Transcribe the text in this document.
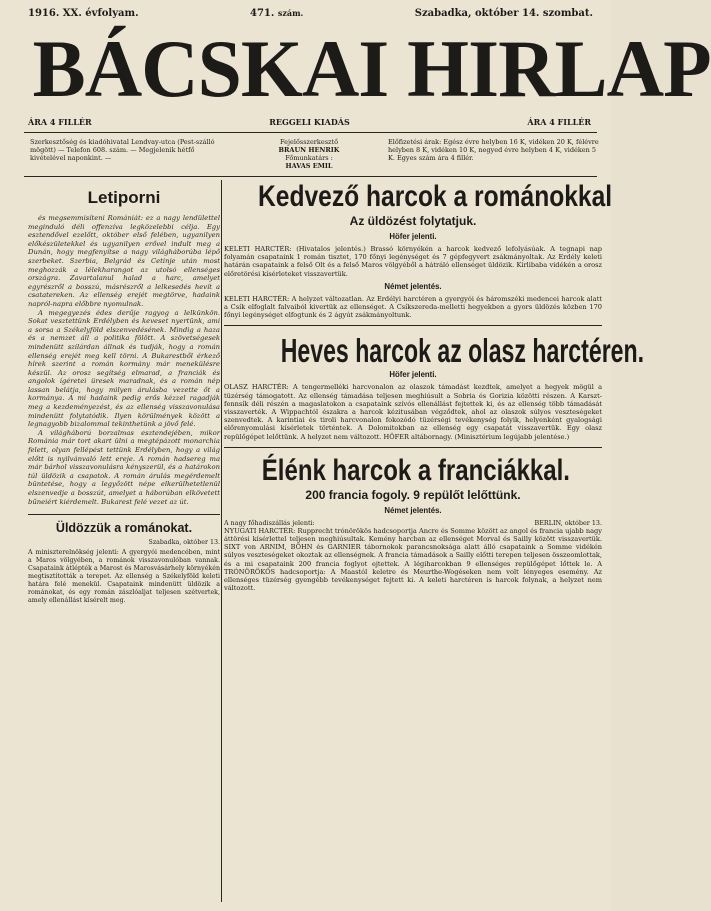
1916. XX. évfolyam.	471. szám.	Szabadka, október 14. szombat.
BÁCSKAI HIRLAP
ÁRA 4 FILLÉR	REGGELI KIADÁS	ÁRA 4 FILLÉR
Szerkesztőség és kiadóhivatal Lendvay-utca (Pest-szálló mögött) — Telefon 608. szám. — Megjelenik hétfő kivételével naponkint. —
Fejelősszerkesztő
BRAUN HENRIK
Főmunkatárs :
HAVAS EMIL
Előfizetési árak: Egész évre helyben 16 K, vidéken 20 K, félévre helyben 8 K, vidéken 10 K, negyed évre helyben 4 K, vidéken 5 K. Egyes szám ára 4 fillér.
Letiporni

és megsemmisíteni Romániát: ez a nagy lendülettel meginduló déli offenzíva legközelebbi célja. Egy esztendővel ezelőtt, október első felében, ugyanilyen előkészületekkel és ugyanilyen erővel indult meg a Dunán, hogy megfenyítse a nagy világháborúba lépő szerbeket. Szerbia, Belgrád és Cetinje után most meghozzák a lélekharangot az utolsó ellenséges országra. Zavartalanul halad a harc, amelyet egyrészről a bosszú, másrészről a lelkesedés hevít a csatatereken. Az ellenség erejét megtörve, hadaink napról-napra előbbre nyomulnak.

A megegyezés édes derűje ragyog a lelkünkön. Sokat vesztettünk Erdélyben és keveset nyertünk, ami a sorsa a Székelyföld elszenvedésének. Mindig a haza és a nemzet áll a politika fölött. A szövetségesek mindenütt szilárdan állnak és tudják, hogy a román ellenség erejét meg kell törni. A Bukarestből érkező hírek szerint a román kormány már menekülésre készül. Az orosz segítség elmarad, a franciák és angolok ígéretei üresek maradnak, és a román nép lassan belátja, hogy milyen árulásba vezette őt a kormánya. A mi hadaink pedig erős kézzel ragadják meg a kezdeményezést, és az ellenség visszavonulása mindenütt folytatódik. Ilyen körülmények között a legnagyobb bizalommal tekinthetünk a jövő felé.

A világháború borzalmas esztendejében, mikor Románia már tort akart ülni a megtépázott monarchia felett, olyan fellépést tettünk Erdélyben, hogy a világ előtt is nyilvánvaló lett ereje. A román hadsereg ma már bárhol visszavonulásra kényszerül, és a határokon túl üldözik a csapatok. A román árulás megérdemelt büntetése, hogy a legyőzött népe elkerülhetetlenül elszenvedje a bosszút, amelyet a háborúban elkövetett bűneiért kiérdemelt. Bukarest felé vezet az út.

Üldözzük a románokat.
Szabadka, október 13.

A miniszterelnökség jelenti: A gyergyói medencében, mint a Maros völgyében, a románok visszavonulóban vannak. Csapataink átlépték a Marost és Marosvásárhely környékén megtisztították a terepet. Az ellenség a Székelyföld keleti határa felé menekül. Csapataink mindenütt üldözik a románokat, és egy román zászlóaljat teljesen szétvertek, amely ellenállást kísérelt meg.

Kedvező harcok a románokkal
Az üldözést folytatjuk.
Höfer jelenti.

KELETI HARCTÉR: (Hivatalos jelentés.) Brassó környékén a harcok kedvező lefolyásúak. A tegnapi nap folyamán csapataink 1 román tisztet, 170 főnyi legénységet és 7 gépfegyvert zsákmányoltak. Az Erdély keleti határán csapataink a felső Olt és a felső Maros völgyéből a hátráló ellenséget üldözik. Kirlibaba vidékén a orosz előretörési kísérleteket visszavertük.

Német jelentés.

KELETI HARCTÉR: A helyzet változatlan. Az Erdélyi harctéren a gyergyói és háromszéki medencei harcok alatt a Csík elfoglalt falvaiból kivertük az ellenséget. A Csíkszereda-melletti hegyekben a gyors üldözés közben 170 főnyi legénységet elfogtunk és 2 ágyút zsákmányoltunk.

Heves harcok az olasz harctéren.
Höfer jelenti.

OLASZ HARCTÉR: A tengermelléki harcvonalon az olaszok támadást kezdtek, amelyet a hegyek mögül a tüzérség támogatott. Az ellenség támadása teljesen meghiúsult a Sobria és Gorizia közötti részen. A Karszt-fennsík déli részén a magaslatokon a csapataink szívós ellenállást fejtettek ki, és az ellenség több támadását visszaverték. A Wippachtól északra a harcok kézitusában végződtek, ahol az olaszok súlyos veszteségeket szenvedtek. A karintiai és tiroli harcvonalon fokozódó tüzérségi tevékenység folyik, helyenként gyalogsági előrenyomulási kísérletek történtek. A Dolomitokban az ellenség egy csapatát visszavertük. Egy olasz repülőgépet lelőttünk. A helyzet nem változott. HÖFER altábornagy. (Minisztérium legújabb jelentése.)

Élénk harcok a franciákkal.
200 francia fogoly. 9 repülőt lelőttünk.
Német jelentés.
A nagy főhadiszállás jelenti:	BERLIN, október 13.

NYUGATI HARCTÉR: Rupprecht trónörökös hadcsoportja Ancre és Somme között az angol és francia ujabb nagy áttörési kísérlettel teljesen meghiúsultak. Kemény harcban az ellenséget Morval és Sailly között visszavertük. SIXT von ARNIM, BÖHN és GARNIER tábornokok parancsnoksága alatt álló csapataink a Somme vidékén súlyos veszteségeket okoztak az ellenségnek. A francia támadások a Sailly előtti terepen teljesen összeomlottak, és a mi csapataink 200 francia foglyot ejtettek. A légiharcokban 9 ellenséges repülőgépet lőttek le. A TRÓNÖRÖKÖS hadcsoportja: A Maastól keletre és Meurthe-Wogéseken nem volt lényeges esemény. Az ellenséges tüzérség gyengébb tevékenységet fejtett ki. A keleti harctéren is harcok folynak, a helyzet nem változott.
